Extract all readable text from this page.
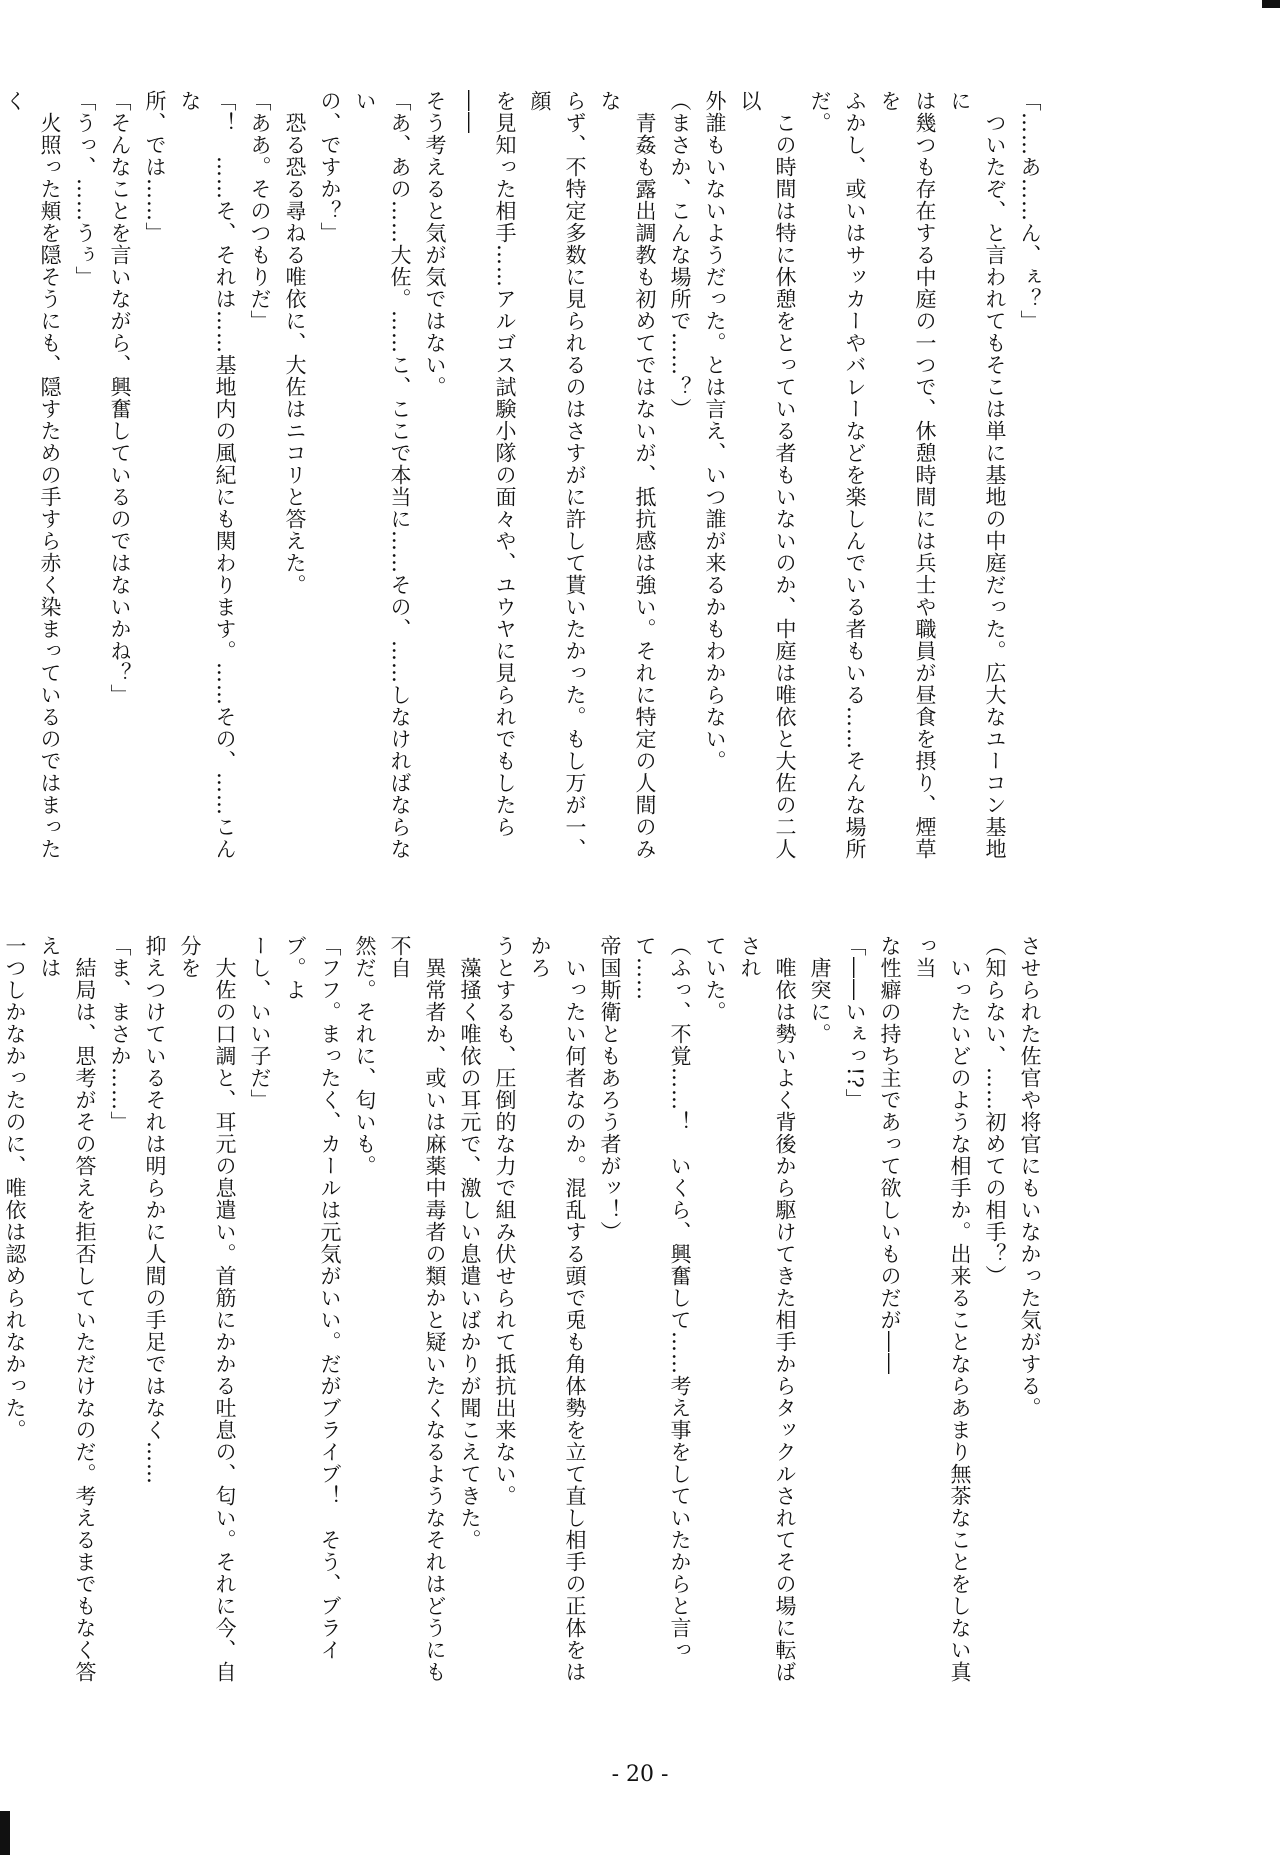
「……あ……ん、ぇ？」
　ついたぞ、と言われてもそこは単に基地の中庭だった。広大なユーコン基地に
は幾つも存在する中庭の一つで、休憩時間には兵士や職員が昼食を摂り、煙草を
ふかし、或いはサッカーやバレーなどを楽しんでいる者もいる……そんな場所だ。
　この時間は特に休憩をとっている者もいないのか、中庭は唯依と大佐の二人以
外誰もいないようだった。とは言え、いつ誰が来るかもわからない。
（まさか、こんな場所で……？）
　青姦も露出調教も初めてではないが、抵抗感は強い。それに特定の人間のみな
らず、不特定多数に見られるのはさすがに許して貰いたかった。もし万が一、顔
を見知った相手……アルゴス試験小隊の面々や、ユウヤに見られでもしたら――
そう考えると気が気ではない。
「あ、あの……大佐。……こ、ここで本当に……その、……しなければならない
の、ですか？」
　恐る恐る尋ねる唯依に、大佐はニコリと答えた。
「ああ。そのつもりだ」
「！　……そ、それは……基地内の風紀にも関わります。……その、……こんな
所、では……」
「そんなことを言いながら、興奮しているのではないかね？」
「うっ、……うぅ」
　火照った頬を隠そうにも、隠すための手すら赤く染まっているのではまったく
させられた佐官や将官にもいなかった気がする。
（知らない、……初めての相手？）
　いったいどのような相手か。出来ることならあまり無茶なことをしない真っ当
な性癖の持ち主であって欲しいものだが――
「――いぇっ!?」
　唐突に。
　唯依は勢いよく背後から駆けてきた相手からタックルされてその場に転ばされ
ていた。
（ふっ、不覚……！　いくら、興奮して……考え事をしていたからと言って……
帝国斯衛ともあろう者がッ！）
　いったい何者なのか。混乱する頭で兎も角体勢を立て直し相手の正体をはかろ
うとするも、圧倒的な力で組み伏せられて抵抗出来ない。
　藻掻く唯依の耳元で、激しい息遣いばかりが聞こえてきた。
　異常者か、或いは麻薬中毒者の類かと疑いたくなるようなそれはどうにも不自
然だ。それに、匂いも。
「フフ。まったく、カールは元気がいい。だがブライブ！　そう、ブライブ。よ
ーし、いい子だ」
　大佐の口調と、耳元の息遣い。首筋にかかる吐息の、匂い。それに今、自分を
抑えつけているそれは明らかに人間の手足ではなく……
「ま、まさか……」
　結局は、思考がその答えを拒否していただけなのだ。考えるまでもなく答えは
一つしかなかったのに、唯依は認められなかった。
- 20 -
